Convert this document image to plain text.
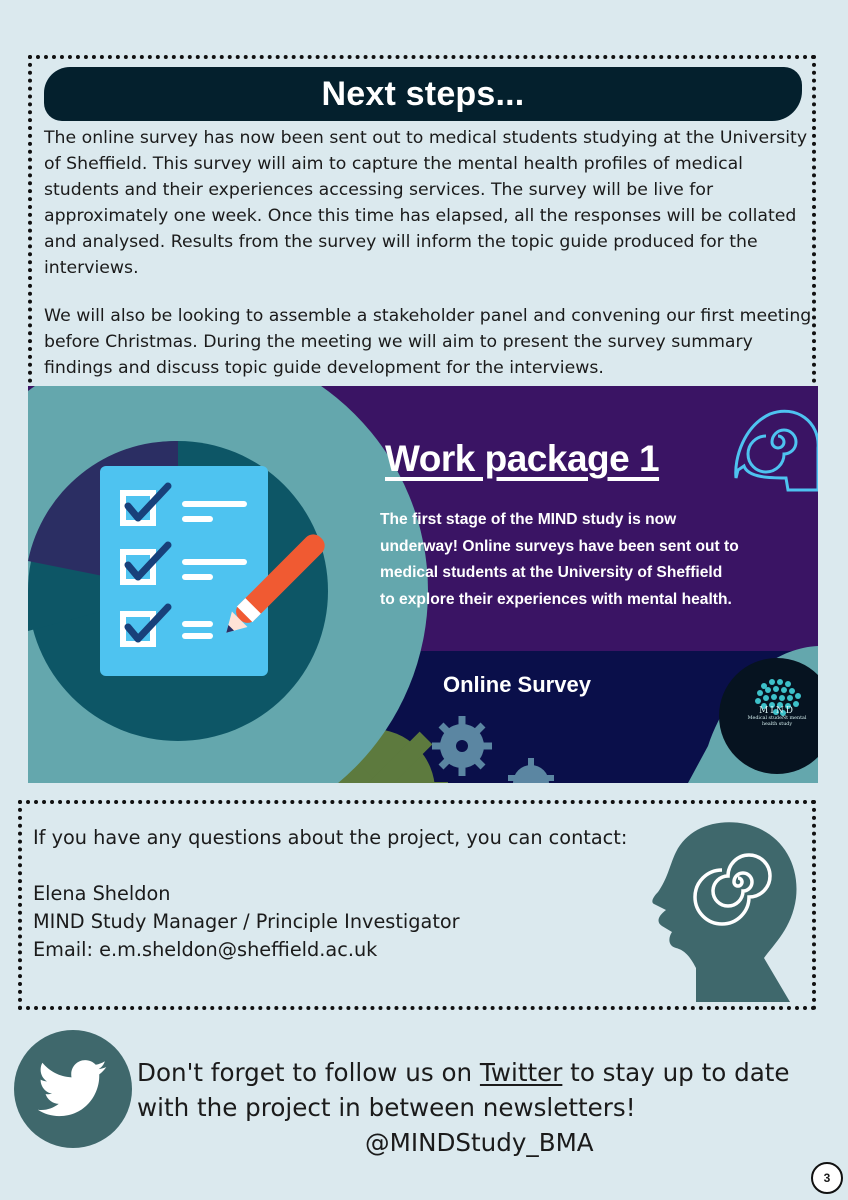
Next steps...

The online survey has now been sent out to medical students studying at the University of Sheffield. This survey will aim to capture the mental health profiles of medical students and their experiences accessing services. The survey will be live for approximately one week. Once this time has elapsed, all the responses will be collated and analysed. Results from the survey will inform the topic guide produced for the interviews.

We will also be looking to assemble a stakeholder panel and convening our first meeting before Christmas. During the meeting we will aim to present the survey summary findings and discuss topic guide development for the interviews.

Work package 1

The first stage of the MIND study is now underway! Online surveys have been sent out to medical students at the University of Sheffield to explore their experiences with mental health.

Online Survey
MIND
Medical studeNt mental health study
If you have any questions about the project, you can contact:
Elena Sheldon
MIND Study Manager / Principle Investigator
Email: e.m.sheldon@sheffield.ac.uk
Don't forget to follow us on Twitter to stay up to date
with the project in between newsletters!
@MINDStudy_BMA
3
